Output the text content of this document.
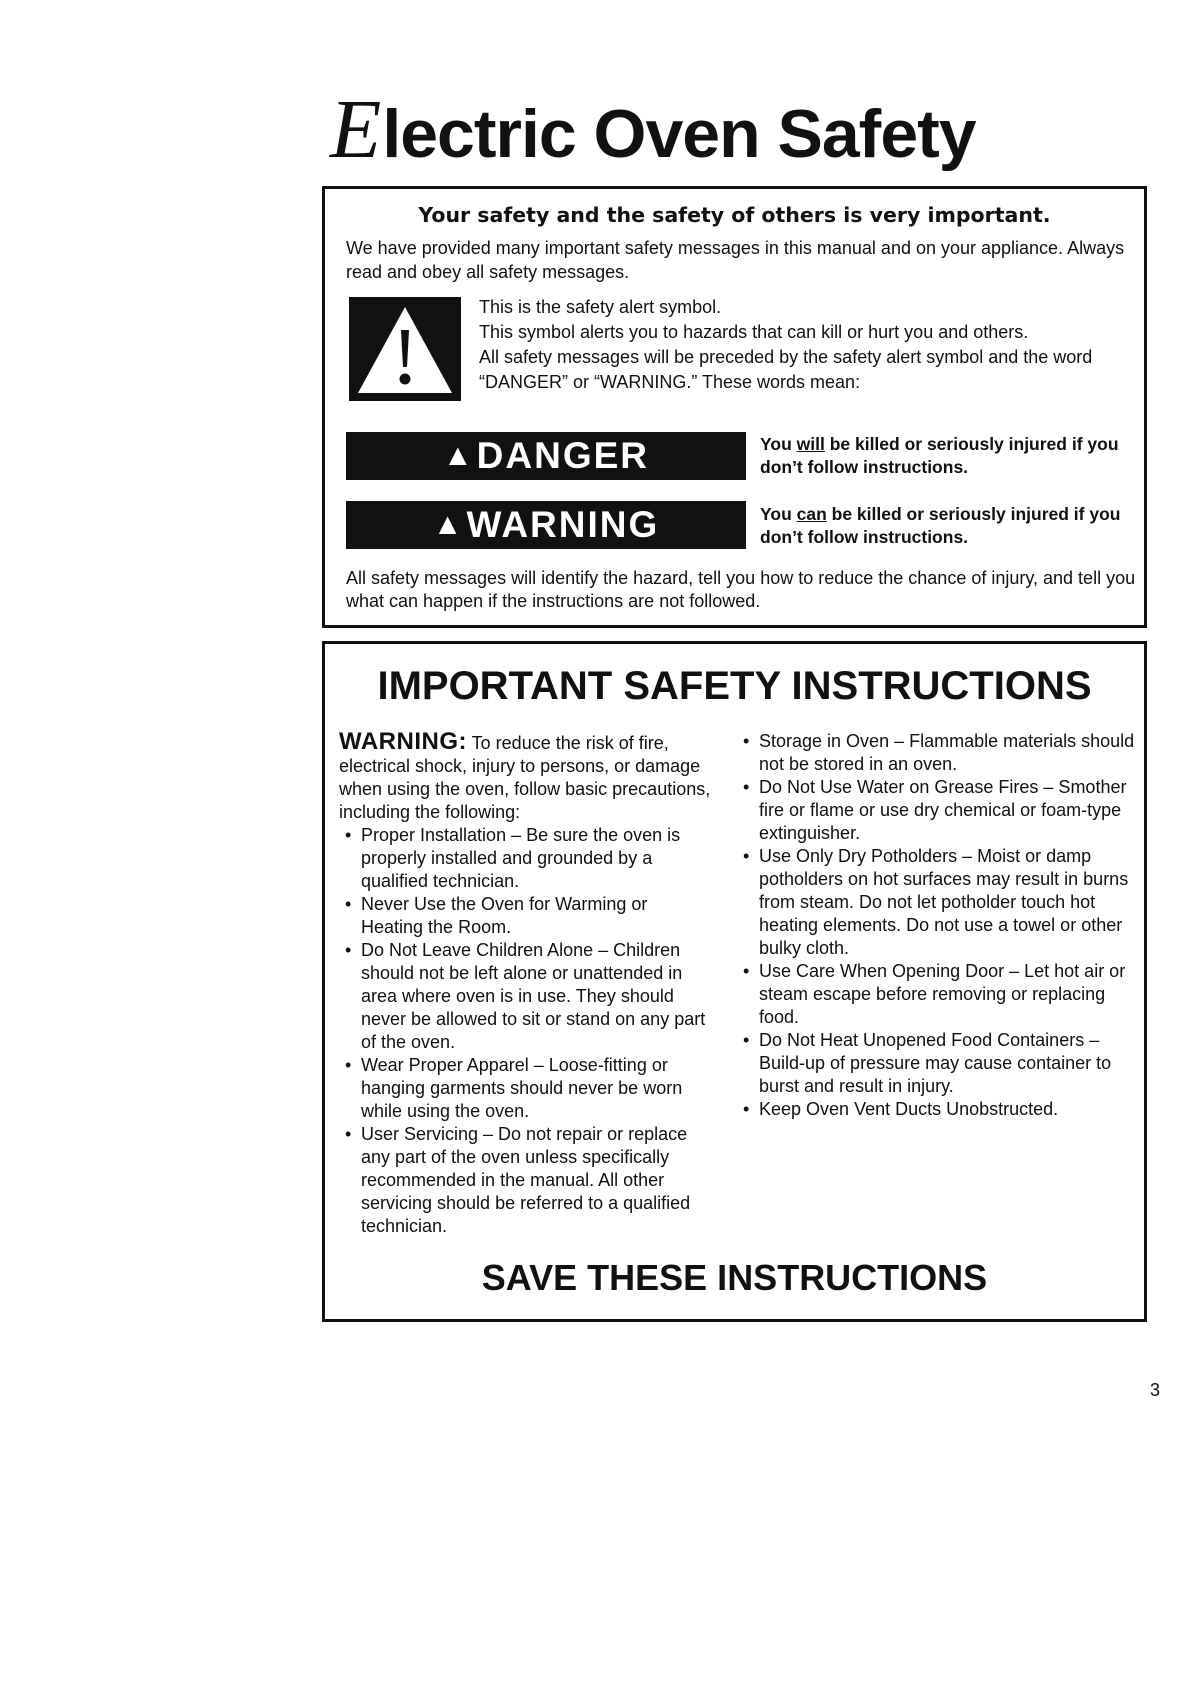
Electric Oven Safety
Your safety and the safety of others is very important.
We have provided many important safety messages in this manual and on your appliance. Always read and obey all safety messages.
This is the safety alert symbol.
This symbol alerts you to hazards that can kill or hurt you and others.
All safety messages will be preceded by the safety alert symbol and the word “DANGER” or “WARNING.” These words mean:
▲ DANGER	You will be killed or seriously injured if you don’t follow instructions.
▲ WARNING	You can be killed or seriously injured if you don’t follow instructions.
All safety messages will identify the hazard, tell you how to reduce the chance of injury, and tell you what can happen if the instructions are not followed.
IMPORTANT SAFETY INSTRUCTIONS
WARNING: To reduce the risk of fire, electrical shock, injury to persons, or damage when using the oven, follow basic precautions, including the following:
• Proper Installation – Be sure the oven is properly installed and grounded by a qualified technician.
• Never Use the Oven for Warming or Heating the Room.
• Do Not Leave Children Alone – Children should not be left alone or unattended in area where oven is in use. They should never be allowed to sit or stand on any part of the oven.
• Wear Proper Apparel – Loose-fitting or hanging garments should never be worn while using the oven.
• User Servicing – Do not repair or replace any part of the oven unless specifically recommended in the manual. All other servicing should be referred to a qualified technician.
• Storage in Oven – Flammable materials should not be stored in an oven.
• Do Not Use Water on Grease Fires – Smother fire or flame or use dry chemical or foam-type extinguisher.
• Use Only Dry Potholders – Moist or damp potholders on hot surfaces may result in burns from steam. Do not let potholder touch hot heating elements. Do not use a towel or other bulky cloth.
• Use Care When Opening Door – Let hot air or steam escape before removing or replacing food.
• Do Not Heat Unopened Food Containers – Build-up of pressure may cause container to burst and result in injury.
• Keep Oven Vent Ducts Unobstructed.
SAVE THESE INSTRUCTIONS
3
